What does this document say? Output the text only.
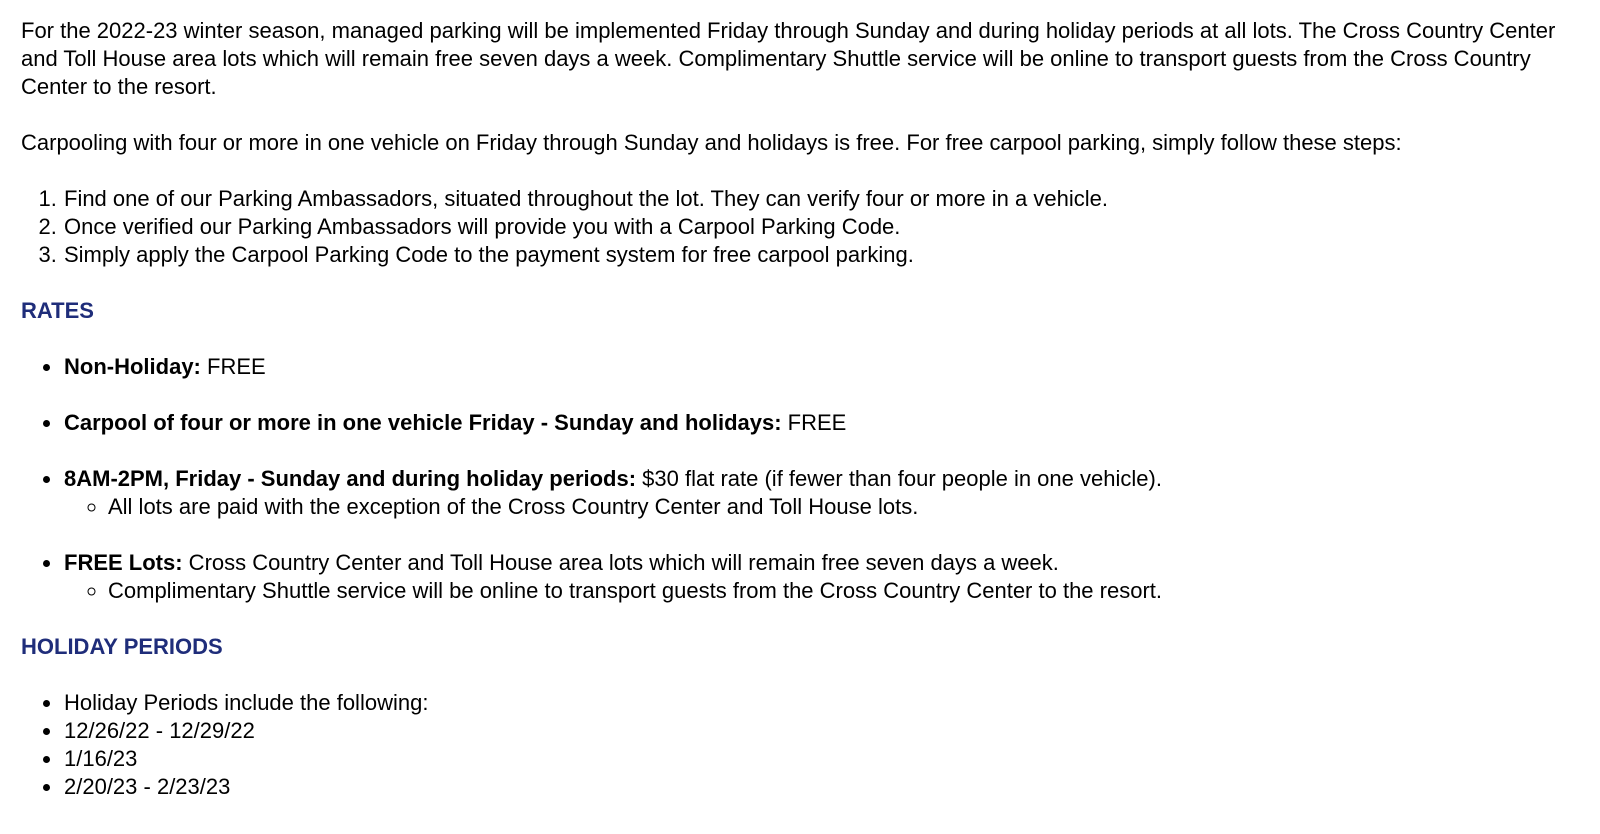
For the 2022-23 winter season, managed parking will be implemented Friday through Sunday and during holiday periods at all lots. The Cross Country Center and Toll House area lots which will remain free seven days a week. Complimentary Shuttle service will be online to transport guests from the Cross Country Center to the resort.

Carpooling with four or more in one vehicle on Friday through Sunday and holidays is free. For free carpool parking, simply follow these steps:

1. Find one of our Parking Ambassadors, situated throughout the lot. They can verify four or more in a vehicle.
2. Once verified our Parking Ambassadors will provide you with a Carpool Parking Code.
3. Simply apply the Carpool Parking Code to the payment system for free carpool parking.
RATES
• Non-Holiday: FREE
• Carpool of four or more in one vehicle Friday - Sunday and holidays: FREE
• 8AM-2PM, Friday - Sunday and during holiday periods: $30 flat rate (if fewer than four people in one vehicle).
◦ All lots are paid with the exception of the Cross Country Center and Toll House lots.
• FREE Lots: Cross Country Center and Toll House area lots which will remain free seven days a week.
◦ Complimentary Shuttle service will be online to transport guests from the Cross Country Center to the resort.
HOLIDAY PERIODS
• Holiday Periods include the following:
• 12/26/22 - 12/29/22
• 1/16/23
• 2/20/23 - 2/23/23
